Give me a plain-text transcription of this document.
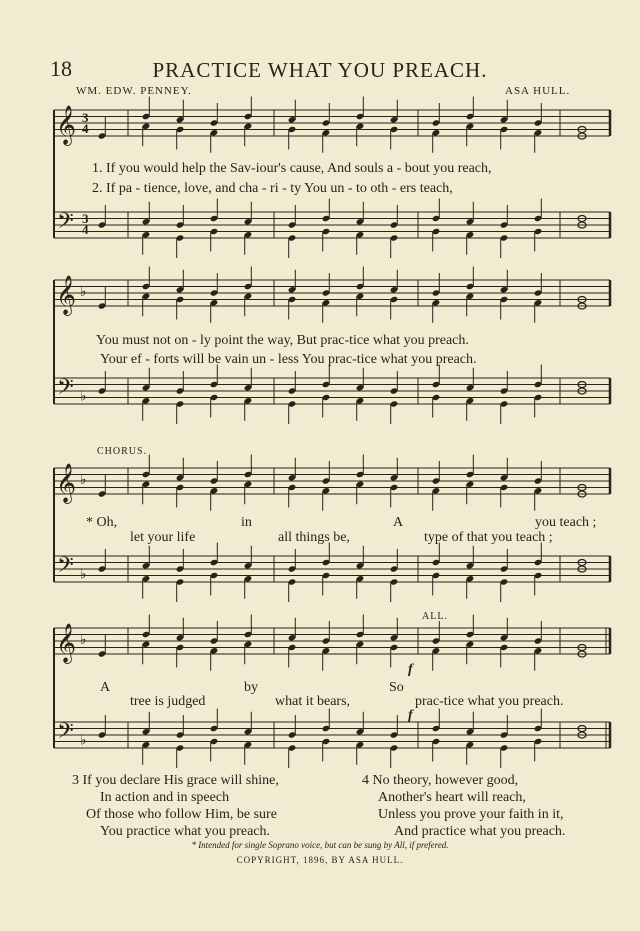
18	PRACTICE WHAT YOU PREACH.
WM. EDW. PENNEY.	ASA HULL.
𝄞
𝄢
𝄞
𝄢
♭
♭
𝄞
𝄢
♭
♭
𝄞
𝄢
♭
♭
3
4
3
4
1. If you would help the Sav-iour's cause, And souls a - bout you reach,
2. If pa - tience, love, and cha - ri - ty You un - to oth - ers teach,
You must not on - ly point the way, But prac-tice what you preach.
Your ef - forts will be vain un - less You prac-tice what you preach.
CHORUS.
* Oh,	in	A	you teach ;
let your life	all things be,	type of that you teach ;
ALL.
A	by	So
tree is judged	what it bears,	prac-tice what you preach.
f
f
3 If you declare His grace will shine,
In action and in speech
Of those who follow Him, be sure
You practice what you preach.
4 No theory, however good,
Another's heart will reach,
Unless you prove your faith in it,
And practice what you preach.
* Intended for single Soprano voice, but can be sung by All, if prefered.
COPYRIGHT, 1896, BY ASA HULL.
